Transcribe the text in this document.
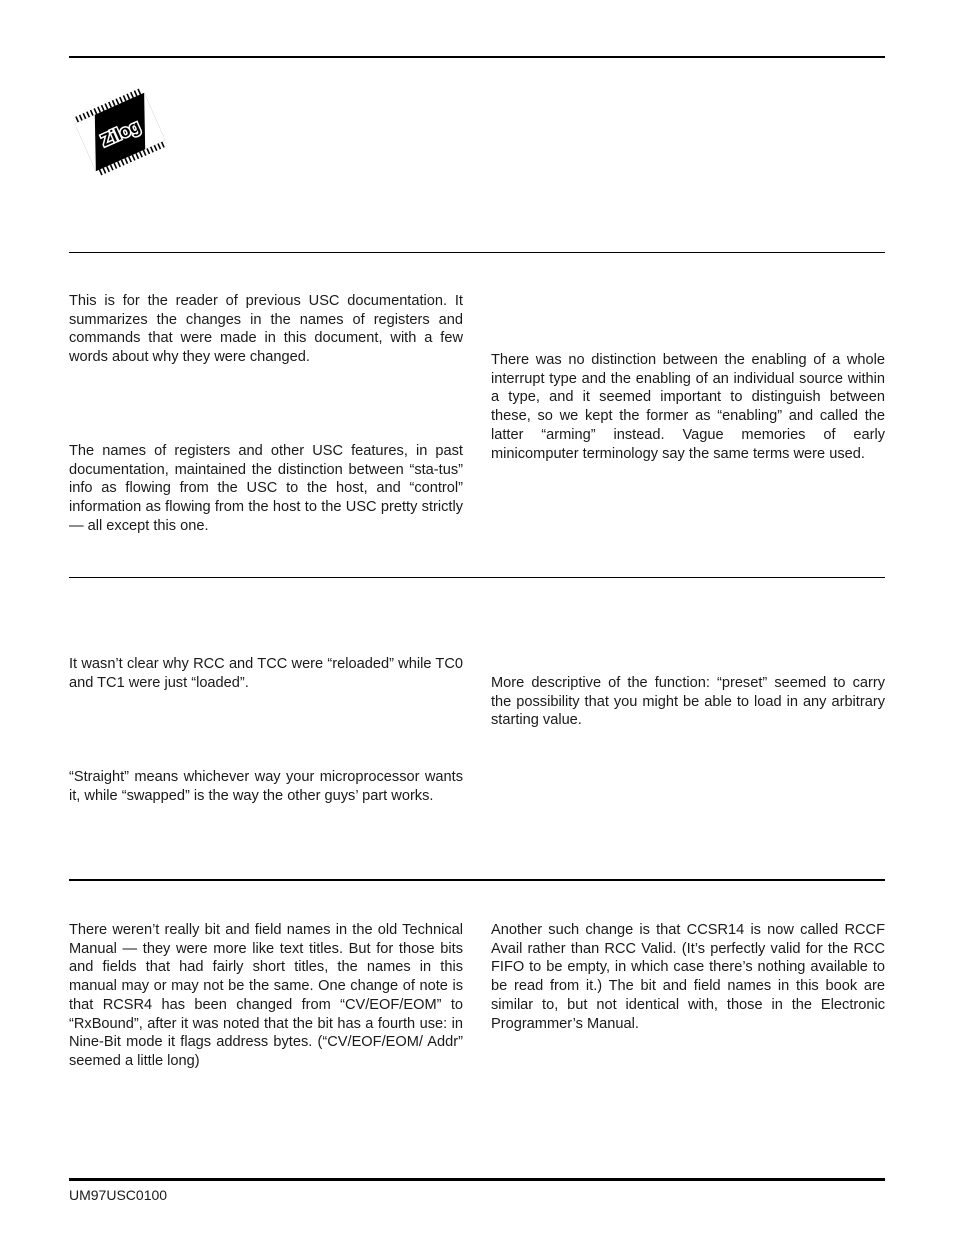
Zilog

This is for the reader of previous USC documentation. It summarizes the changes in the names of registers and commands that were made in this document, with a few words about why they were changed.

The names of registers and other USC features, in past documentation, maintained the distinction between “sta-tus” info as flowing from the USC to the host, and “control” information as flowing from the host to the USC pretty strictly — all except this one.

There was no distinction between the enabling of a whole interrupt type and the enabling of an individual source within a type, and it seemed important to distinguish between these, so we kept the former as “enabling” and called the latter “arming” instead. Vague memories of early minicomputer terminology say the same terms were used.

It wasn’t clear why RCC and TCC were “reloaded” while TC0 and TC1 were just “loaded”.

“Straight” means whichever way your microprocessor wants it, while “swapped” is the way the other guys’ part works.

More descriptive of the function: “preset” seemed to carry the possibility that you might be able to load in any arbitrary starting value.

There weren’t really bit and field names in the old Technical Manual — they were more like text titles. But for those bits and fields that had fairly short titles, the names in this manual may or may not be the same. One change of note is that RCSR4 has been changed from “CV/EOF/EOM” to “RxBound”, after it was noted that the bit has a fourth use: in Nine-Bit mode it flags address bytes. (“CV/EOF/EOM/ Addr” seemed a little long)

Another such change is that CCSR14 is now called RCCF Avail rather than RCC Valid. (It’s perfectly valid for the RCC FIFO to be empty, in which case there’s nothing available to be read from it.) The bit and field names in this book are similar to, but not identical with, those in the Electronic Programmer’s Manual.

UM97USC0100
